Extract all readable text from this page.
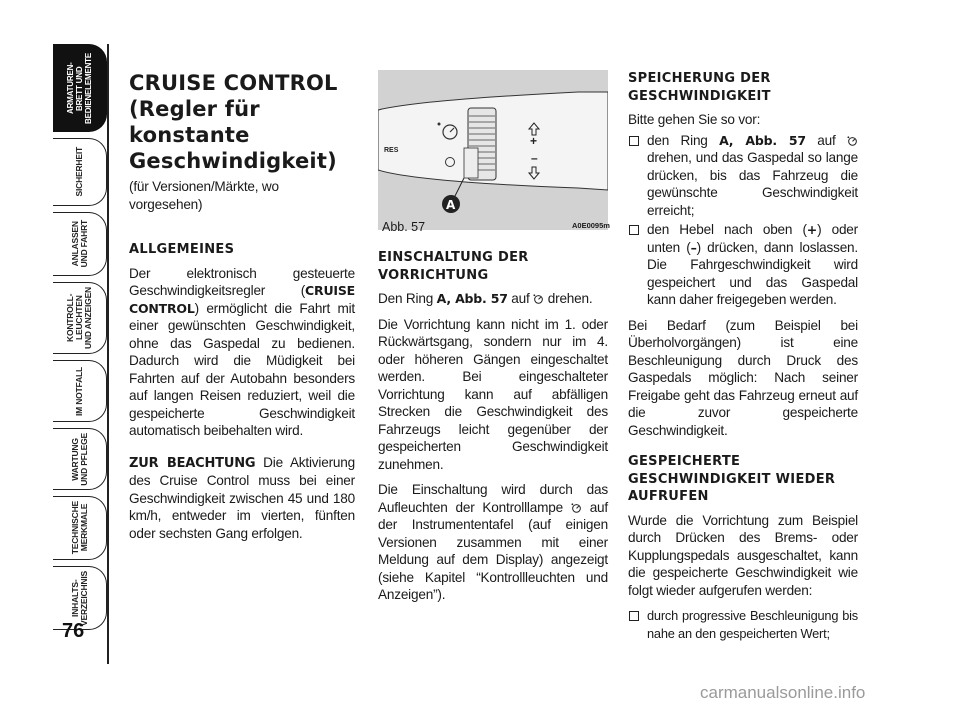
ARMATUREN-
BRETT UND
BEDIENELEMENTE
SICHERHEIT
ANLASSEN
UND FAHRT
KONTROLL-
LEUCHTEN
UND ANZEIGEN
IM NOTFALL
WARTUNG
UND PFLEGE
TECHNISCHE
MERKMALE
INHALTS-
VERZEICHNIS
76
CRUISE CONTROL (Regler für konstante Geschwindigkeit)
(für Versionen/Märkte, wo vorgesehen)
ALLGEMEINES

Der elektronisch gesteuerte Geschwindigkeitsregler (CRUISE CONTROL) ermöglicht die Fahrt mit einer gewünschten Geschwindigkeit, ohne das Gaspedal zu bedienen. Dadurch wird die Müdigkeit bei Fahrten auf der Autobahn besonders auf langen Reisen reduziert, weil die gespeicherte Geschwindigkeit automatisch beibehalten wird.

ZUR BEACHTUNG Die Aktivierung des Cruise Control muss bei einer Geschwindigkeit zwischen 45 und 180 km/h, entweder im vierten, fünften oder sechsten Gang erfolgen.

RES
+
–
A
Abb. 57	A0E0095m
EINSCHALTUNG DER VORRICHTUNG

Den Ring A, Abb. 57 auf  drehen.

Die Vorrichtung kann nicht im 1. oder Rückwärtsgang, sondern nur im 4. oder höheren Gängen eingeschaltet werden. Bei eingeschalteter Vorrichtung kann auf abfälligen Strecken die Geschwindigkeit des Fahrzeugs leicht gegenüber der gespeicherten Geschwindigkeit zunehmen.

Die Einschaltung wird durch das Aufleuchten der Kontrolllampe  auf der Instrumententafel (auf einigen Versionen zusammen mit einer Meldung auf dem Display) angezeigt (siehe Kapitel “Kontrollleuchten und Anzeigen”).

SPEICHERUNG DER GESCHWINDIGKEIT

Bitte gehen Sie so vor:

den Ring A, Abb. 57 auf  drehen, und das Gaspedal so lange drücken, bis das Fahrzeug die gewünschte Geschwindigkeit erreicht;
den Hebel nach oben (+) oder unten (–) drücken, dann loslassen. Die Fahrgeschwindigkeit wird gespeichert und das Gaspedal kann daher freigegeben werden.

Bei Bedarf (zum Beispiel bei Überholvorgängen) ist eine Beschleunigung durch Druck des Gaspedals möglich: Nach seiner Freigabe geht das Fahrzeug erneut auf die zuvor gespeicherte Geschwindigkeit.

GESPEICHERTE GESCHWINDIGKEIT WIEDER AUFRUFEN

Wurde die Vorrichtung zum Beispiel durch Drücken des Brems- oder Kupplungspedals ausgeschaltet, kann die gespeicherte Geschwindigkeit wie folgt wieder aufgerufen werden:

durch progressive Beschleunigung bis nahe an den gespeicherten Wert;
carmanualsonline.info
